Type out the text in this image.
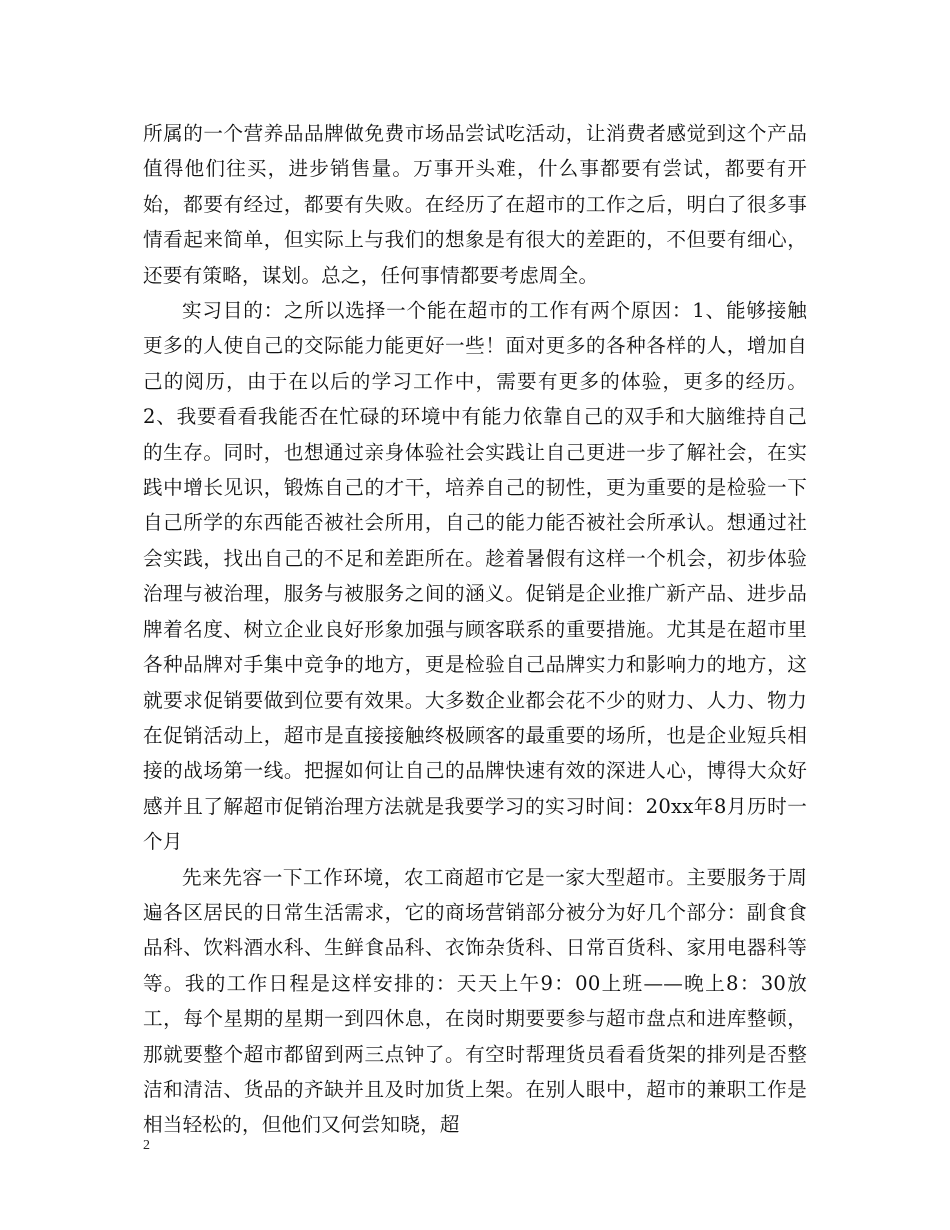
所属的一个营养品品牌做免费市场品尝试吃活动，让消费者感觉到这个产品值得他们往买，进步销售量。万事开头难，什么事都要有尝试，都要有开始，都要有经过，都要有失败。在经历了在超市的工作之后，明白了很多事情看起来简单，但实际上与我们的想象是有很大的差距的，不但要有细心，还要有策略，谋划。总之，任何事情都要考虑周全。

实习目的：之所以选择一个能在超市的工作有两个原因：1、能够接触更多的人使自己的交际能力能更好一些！面对更多的各种各样的人，增加自己的阅历，由于在以后的学习工作中，需要有更多的体验，更多的经历。2、我要看看我能否在忙碌的环境中有能力依靠自己的双手和大脑维持自己的生存。同时，也想通过亲身体验社会实践让自己更进一步了解社会，在实践中增长见识，锻炼自己的才干，培养自己的韧性，更为重要的是检验一下自己所学的东西能否被社会所用，自己的能力能否被社会所承认。想通过社会实践，找出自己的不足和差距所在。趁着暑假有这样一个机会，初步体验治理与被治理，服务与被服务之间的涵义。促销是企业推广新产品、进步品牌着名度、树立企业良好形象加强与顾客联系的重要措施。尤其是在超市里各种品牌对手集中竞争的地方，更是检验自己品牌实力和影响力的地方，这就要求促销要做到位要有效果。大多数企业都会花不少的财力、人力、物力在促销活动上，超市是直接接触终极顾客的最重要的场所，也是企业短兵相接的战场第一线。把握如何让自己的品牌快速有效的深进人心，博得大众好感并且了解超市促销治理方法就是我要学习的实习时间：20xx年8月历时一个月

先来先容一下工作环境，农工商超市它是一家大型超市。主要服务于周遍各区居民的日常生活需求，它的商场营销部分被分为好几个部分：副食食品科、饮料酒水科、生鲜食品科、衣饰杂货科、日常百货科、家用电器科等等。我的工作日程是这样安排的：天天上午9：00上班——晚上8：30放工，每个星期的星期一到四休息，在岗时期要要参与超市盘点和进库整顿，那就要整个超市都留到两三点钟了。有空时帮理货员看看货架的排列是否整洁和清洁、货品的齐缺并且及时加货上架。在别人眼中，超市的兼职工作是相当轻松的，但他们又何尝知晓，超

2
